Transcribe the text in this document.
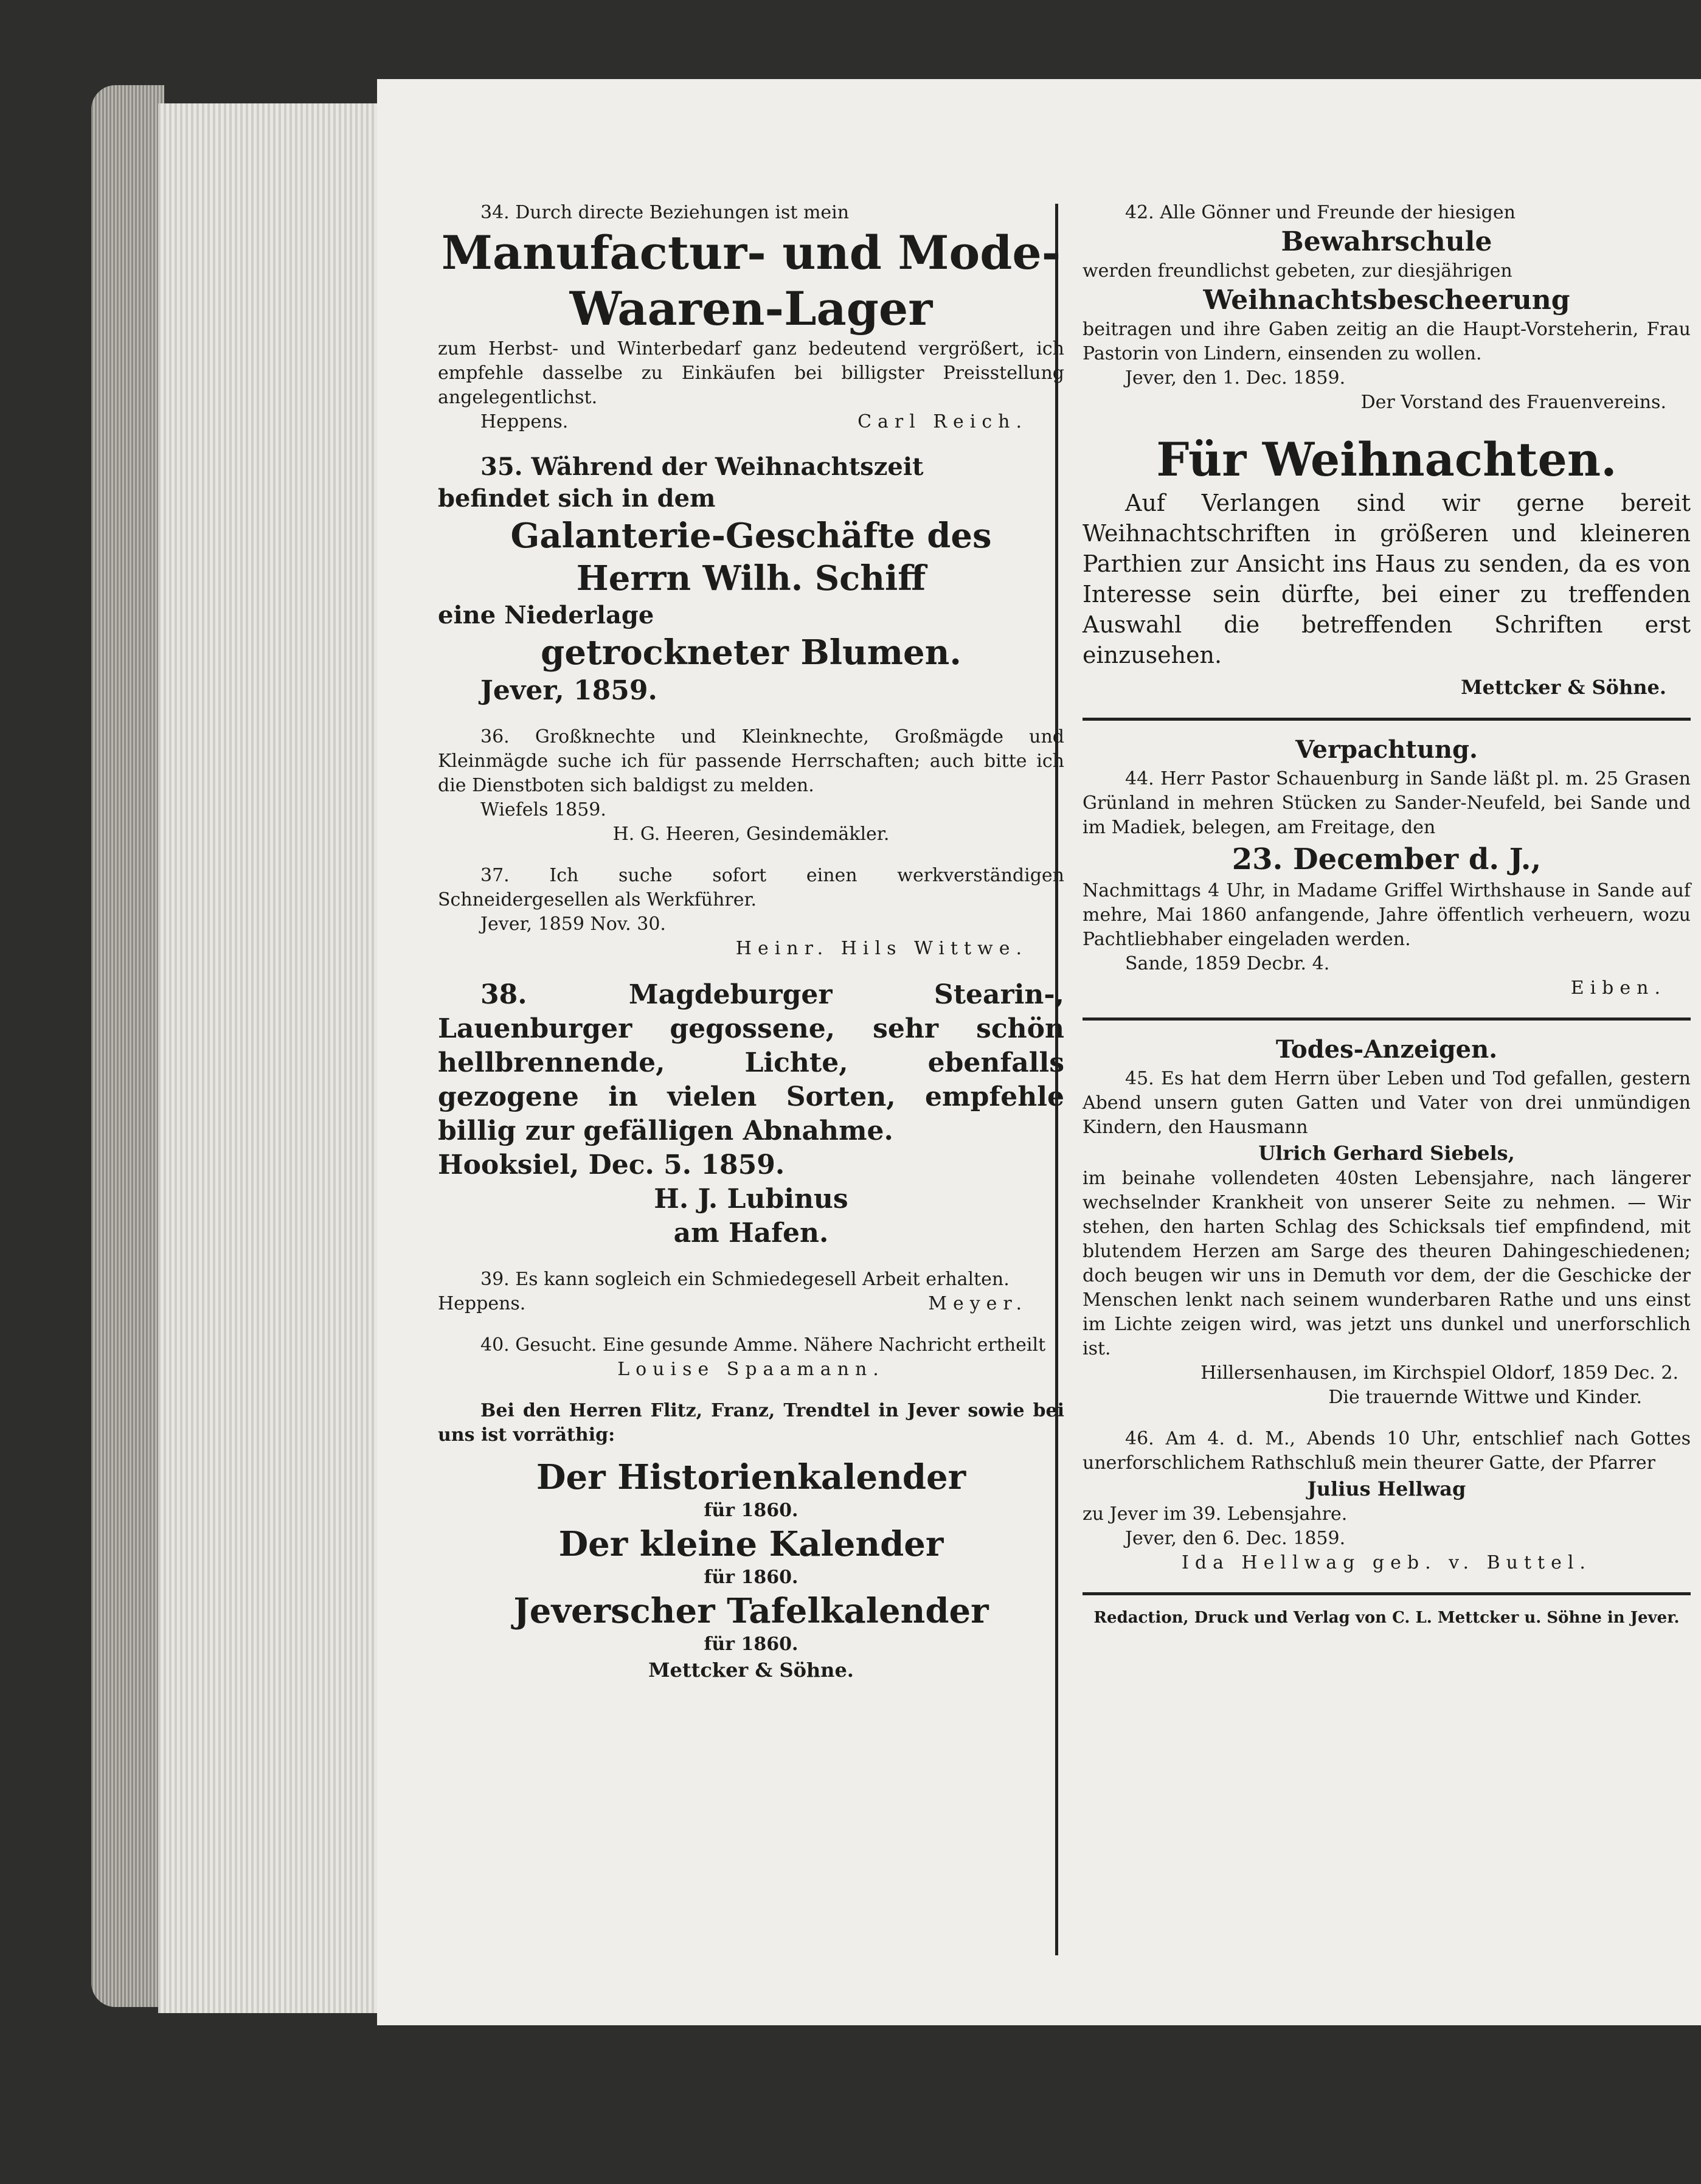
34. Durch directe Beziehungen ist mein

Manufactur- und Mode-

Waaren-Lager

zum Herbst- und Winterbedarf ganz bedeutend vergrößert, ich empfehle dasselbe zu Einkäufen bei billigster Preisstellung angelegentlichst.

Heppens.	Carl Reich.

35. Während der Weihnachtszeit

befindet sich in dem

Galanterie-Geschäfte des

Herrn Wilh. Schiff

eine Niederlage

getrockneter Blumen.

Jever, 1859.

36. Großknechte und Kleinknechte, Großmägde und Kleinmägde suche ich für passende Herrschaften; auch bitte ich die Dienstboten sich baldigst zu melden.

Wiefels 1859.

H. G. Heeren, Gesindemäkler.

37. Ich suche sofort einen werkverständigen Schneidergesellen als Werkführer.

Jever, 1859 Nov. 30.

Heinr. Hils Wittwe.

38. Magdeburger Stearin-, Lauenburger gegossene, sehr schön hellbrennende, Lichte, ebenfalls gezogene in vielen Sorten, empfehle billig zur gefälligen Abnahme.

Hooksiel, Dec. 5. 1859.

H. J. Lubinus

am Hafen.

39. Es kann sogleich ein Schmiedegesell Arbeit erhalten.

Heppens.	Meyer.

40. Gesucht. Eine gesunde Amme. Nähere Nachricht ertheilt

Louise Spaamann.

Bei den Herren Flitz, Franz, Trendtel in Jever sowie bei uns ist vorräthig:

Der Historienkalender

für 1860.

Der kleine Kalender

für 1860.

Jeverscher Tafelkalender

für 1860.

Mettcker & Söhne.

42. Alle Gönner und Freunde der hiesigen

Bewahrschule

werden freundlichst gebeten, zur diesjährigen

Weihnachtsbescheerung

beitragen und ihre Gaben zeitig an die Haupt-Vorsteherin, Frau Pastorin von Lindern, einsenden zu wollen.

Jever, den 1. Dec. 1859.

Der Vorstand des Frauenvereins.

Für Weihnachten.

Auf Verlangen sind wir gerne bereit Weihnachtschriften in größeren und kleineren Parthien zur Ansicht ins Haus zu senden, da es von Interesse sein dürfte, bei einer zu treffenden Auswahl die betreffenden Schriften erst einzusehen.

Mettcker & Söhne.

Verpachtung.

44. Herr Pastor Schauenburg in Sande läßt pl. m. 25 Grasen Grünland in mehren Stücken zu Sander-Neufeld, bei Sande und im Madiek, belegen, am Freitage, den

23. December d. J.,

Nachmittags 4 Uhr, in Madame Griffel Wirthshause in Sande auf mehre, Mai 1860 anfangende, Jahre öffentlich verheuern, wozu Pachtliebhaber eingeladen werden.

Sande, 1859 Decbr. 4.

Eiben.

Todes-Anzeigen.

45. Es hat dem Herrn über Leben und Tod gefallen, gestern Abend unsern guten Gatten und Vater von drei unmündigen Kindern, den Hausmann

Ulrich Gerhard Siebels,

im beinahe vollendeten 40sten Lebensjahre, nach längerer wechselnder Krankheit von unserer Seite zu nehmen. — Wir stehen, den harten Schlag des Schicksals tief empfindend, mit blutendem Herzen am Sarge des theuren Dahingeschiedenen; doch beugen wir uns in Demuth vor dem, der die Geschicke der Menschen lenkt nach seinem wunderbaren Rathe und uns einst im Lichte zeigen wird, was jetzt uns dunkel und unerforschlich ist.

Hillersenhausen, im Kirchspiel Oldorf, 1859 Dec. 2.

Die trauernde Wittwe und Kinder.

46. Am 4. d. M., Abends 10 Uhr, entschlief nach Gottes unerforschlichem Rathschluß mein theurer Gatte, der Pfarrer

Julius Hellwag

zu Jever im 39. Lebensjahre.

Jever, den 6. Dec. 1859.

Ida Hellwag geb. v. Buttel.

Redaction, Druck und Verlag von C. L. Mettcker u. Söhne in Jever.
